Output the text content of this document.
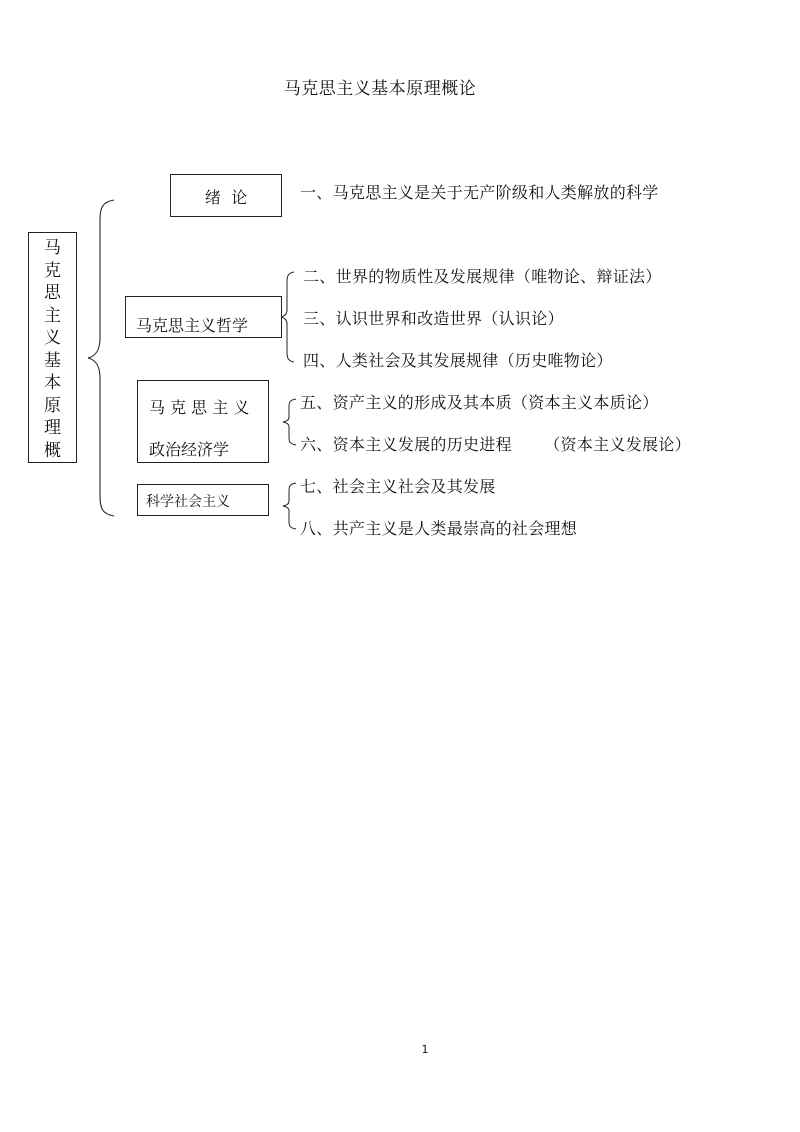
马克思主义基本原理概论
马
克
思
主
义
基
本
原
理
概
绪  论	一、马克思主义是关于无产阶级和人类解放的科学
马克思主义哲学
二、世界的物质性及发展规律（唯物论、辩证法）
三、认识世界和改造世界（认识论）
四、人类社会及其发展规律（历史唯物论）
马 克 思 主 义
政治经济学
五、资产主义的形成及其本质（资本主义本质论）
六、资本主义发展的历史进程      （资本主义发展论）
科学社会主义
七、社会主义社会及其发展
八、共产主义是人类最崇高的社会理想
1
